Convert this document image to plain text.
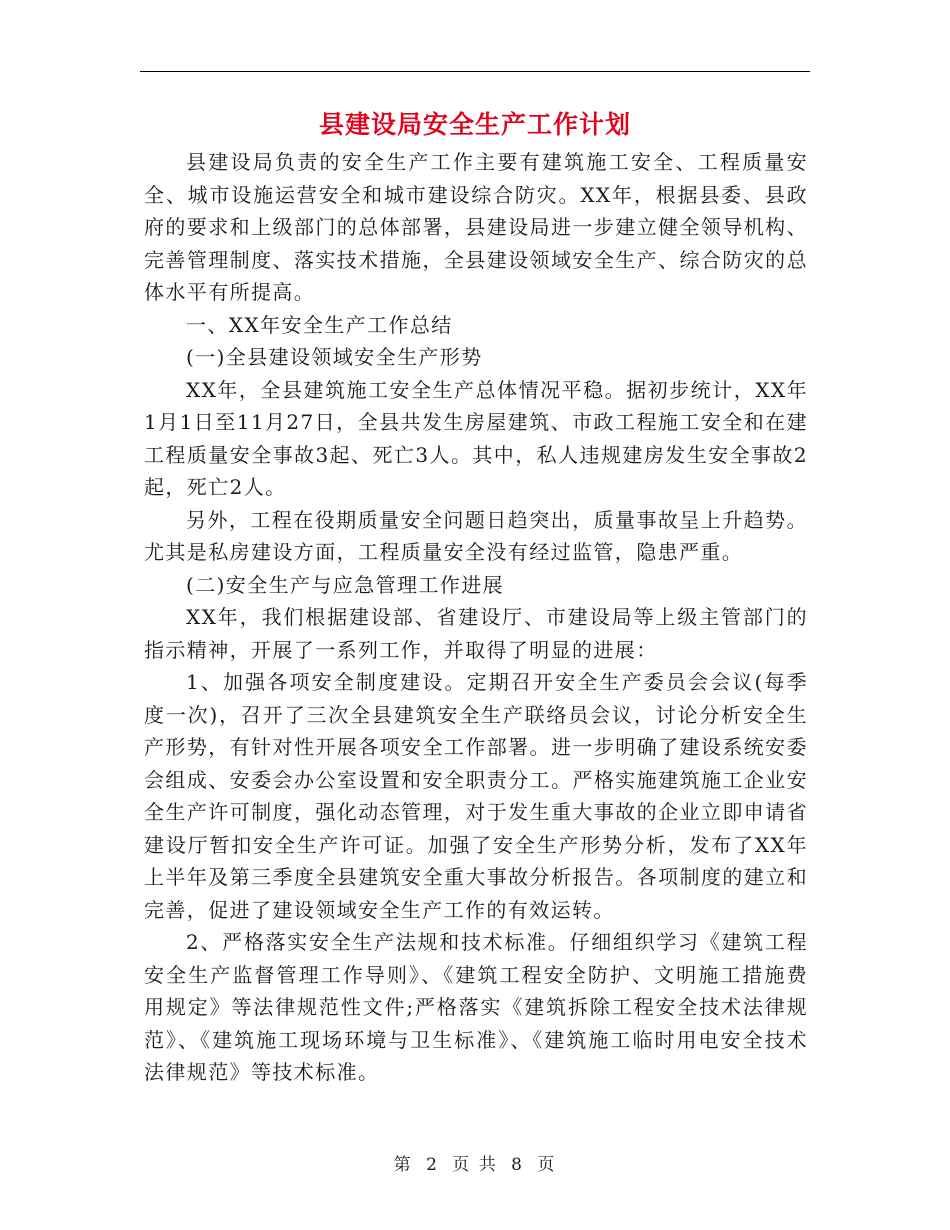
县建设局安全生产工作计划

县建设局负责的安全生产工作主要有建筑施工安全、工程质量安全、城市设施运营安全和城市建设综合防灾。XX年，根据县委、县政府的要求和上级部门的总体部署，县建设局进一步建立健全领导机构、完善管理制度、落实技术措施，全县建设领域安全生产、综合防灾的总体水平有所提高。

一、XX年安全生产工作总结

(一)全县建设领域安全生产形势

XX年，全县建筑施工安全生产总体情况平稳。据初步统计，XX年1月1日至11月27日，全县共发生房屋建筑、市政工程施工安全和在建工程质量安全事故3起、死亡3人。其中，私人违规建房发生安全事故2起，死亡2人。

另外，工程在役期质量安全问题日趋突出，质量事故呈上升趋势。尤其是私房建设方面，工程质量安全没有经过监管，隐患严重。

(二)安全生产与应急管理工作进展

XX年，我们根据建设部、省建设厅、市建设局等上级主管部门的指示精神，开展了一系列工作，并取得了明显的进展：

1、加强各项安全制度建设。定期召开安全生产委员会会议(每季度一次)，召开了三次全县建筑安全生产联络员会议，讨论分析安全生产形势，有针对性开展各项安全工作部署。进一步明确了建设系统安委会组成、安委会办公室设置和安全职责分工。严格实施建筑施工企业安全生产许可制度，强化动态管理，对于发生重大事故的企业立即申请省建设厅暂扣安全生产许可证。加强了安全生产形势分析，发布了XX年上半年及第三季度全县建筑安全重大事故分析报告。各项制度的建立和完善，促进了建设领域安全生产工作的有效运转。

2、严格落实安全生产法规和技术标准。仔细组织学习《建筑工程安全生产监督管理工作导则》、《建筑工程安全防护、文明施工措施费用规定》等法律规范性文件;严格落实《建筑拆除工程安全技术法律规范》、《建筑施工现场环境与卫生标准》、《建筑施工临时用电安全技术法律规范》等技术标准。

第 2 页 共 8 页
